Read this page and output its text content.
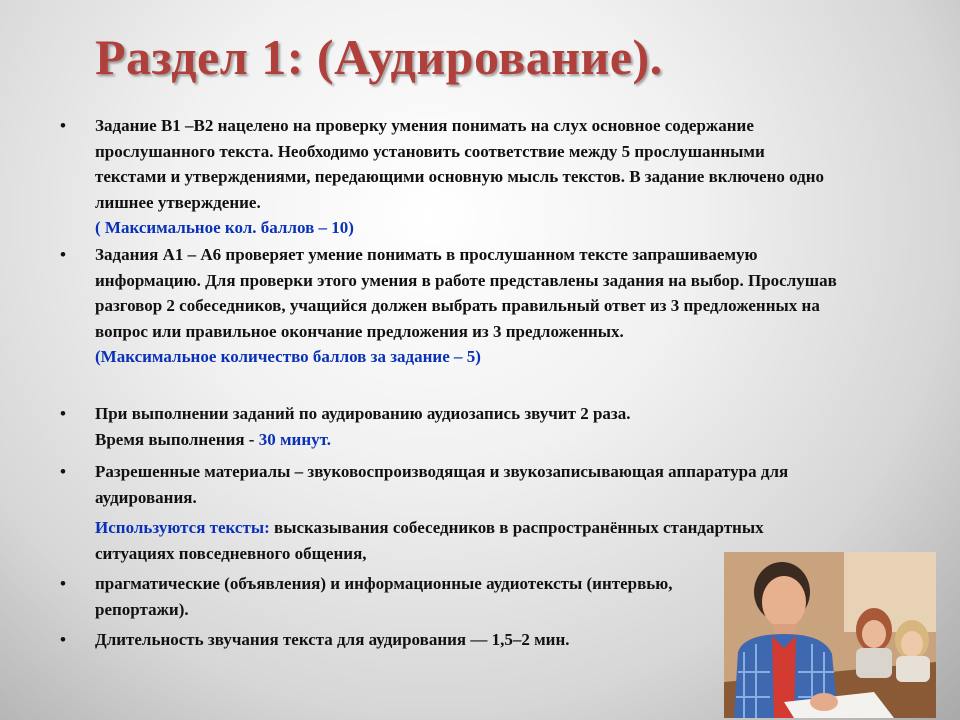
Раздел 1: (Аудирование).
• Задание В1 –В2 нацелено на проверку умения понимать на слух основное содержание прослушанного текста. Необходимо установить соответствие между 5 прослушанными текстами и утверждениями, передающими основную мысль текстов. В задание включено одно лишнее утверждение.
( Максимальное кол. баллов – 10)
• Задания А1 – А6 проверяет умение понимать в прослушанном тексте запрашиваемую информацию. Для проверки этого умения в работе представлены задания на выбор. Прослушав разговор 2 собеседников, учащийся должен выбрать правильный ответ из 3 предложенных на вопрос или правильное окончание предложения из 3 предложенных.
(Максимальное количество баллов за задание – 5)
• При выполнении заданий по аудированию аудиозапись звучит 2 раза.
Время выполнения - 30 минут.
• Разрешенные материалы – звуковоспроизводящая и звукозаписывающая аппаратура для аудирования.
Используются тексты: высказывания собеседников в распространённых стандартных ситуациях повседневного общения,
• прагматические (объявления) и информационные аудиотексты (интервью, репортажи).
• Длительность звучания текста для аудирования — 1,5–2 мин.
